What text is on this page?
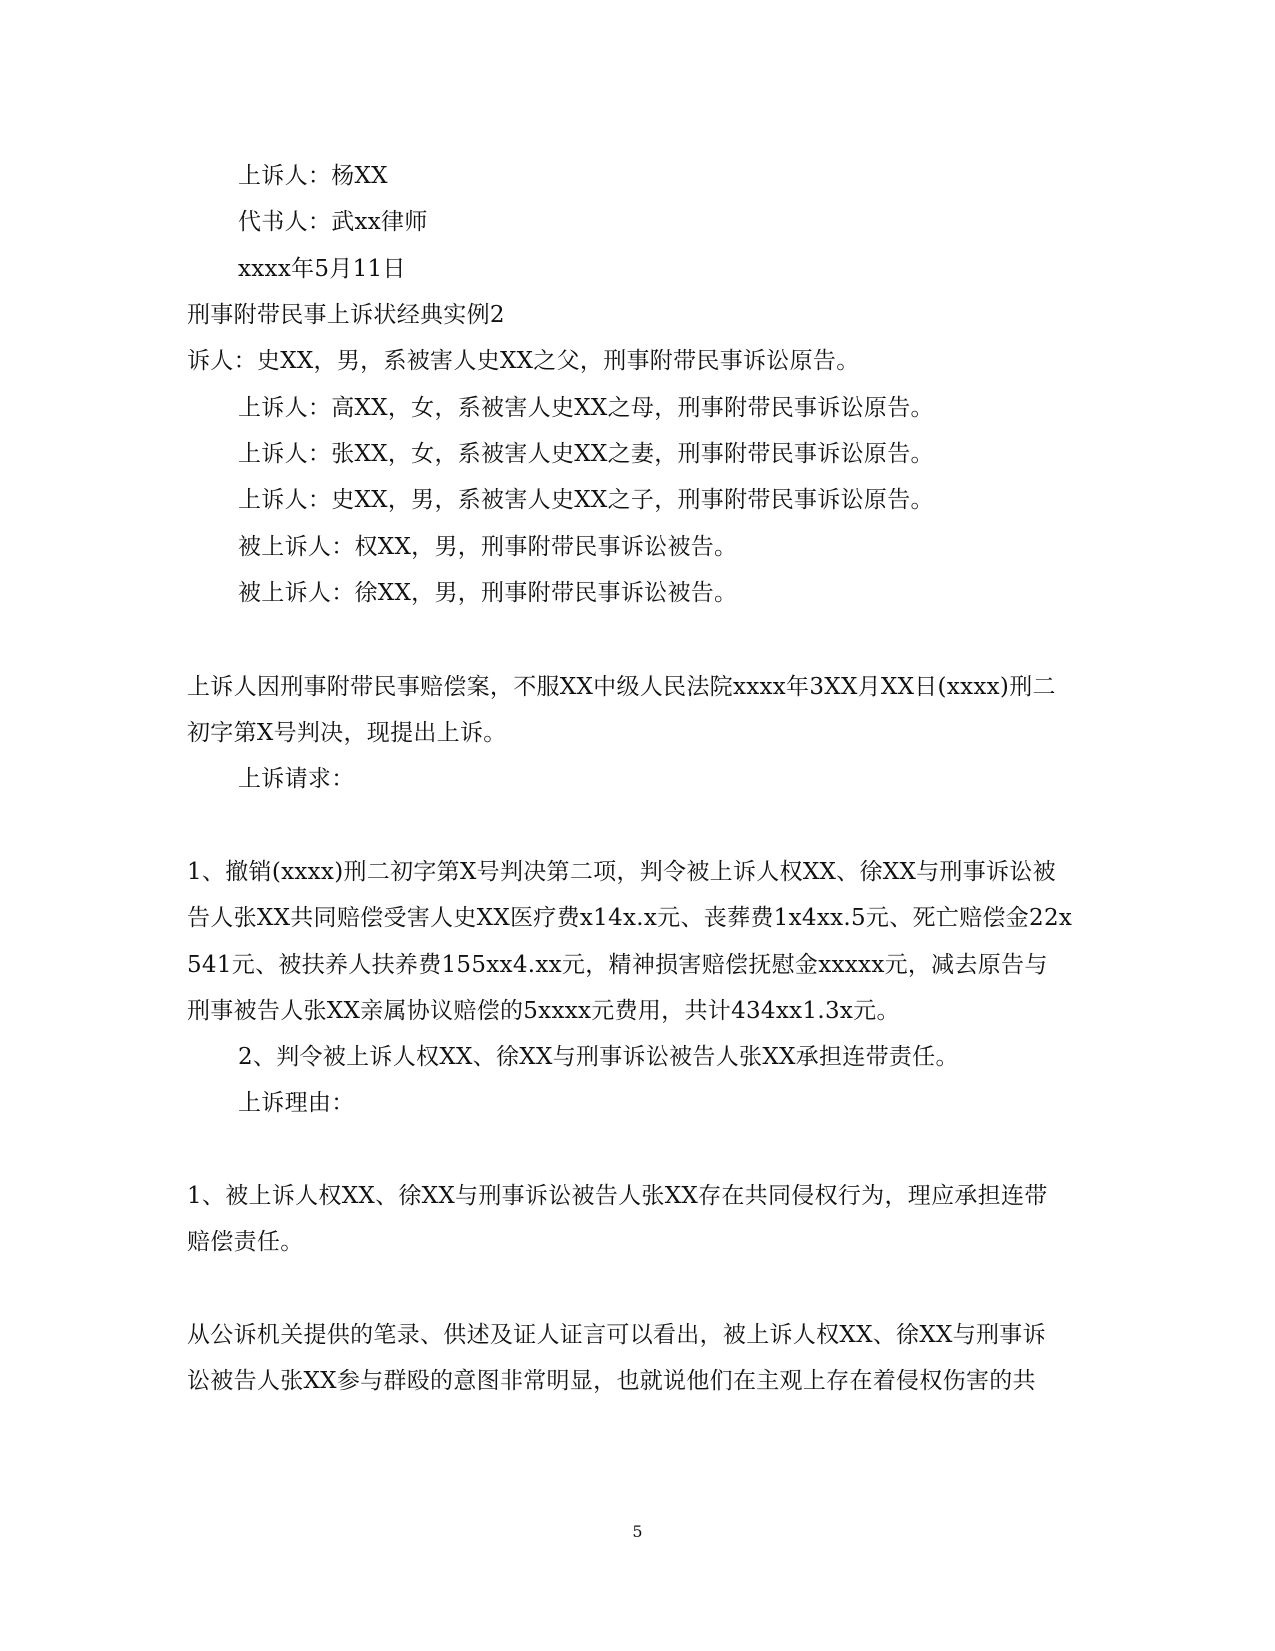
上诉人：杨XX
代书人：武xx律师
xxxx年5月11日
刑事附带民事上诉状经典实例2
诉人：史XX，男，系被害人史XX之父，刑事附带民事诉讼原告。
上诉人：高XX，女，系被害人史XX之母，刑事附带民事诉讼原告。
上诉人：张XX，女，系被害人史XX之妻，刑事附带民事诉讼原告。
上诉人：史XX，男，系被害人史XX之子，刑事附带民事诉讼原告。
被上诉人：权XX，男，刑事附带民事诉讼被告。
被上诉人：徐XX，男，刑事附带民事诉讼被告。
上诉人因刑事附带民事赔偿案，不服XX中级人民法院xxxx年3XX月XX日(xxxx)刑二
初字第X号判决，现提出上诉。
上诉请求：
1、撤销(xxxx)刑二初字第X号判决第二项，判令被上诉人权XX、徐XX与刑事诉讼被
告人张XX共同赔偿受害人史XX医疗费x14x.x元、丧葬费1x4xx.5元、死亡赔偿金22x
541元、被扶养人扶养费155xx4.xx元，精神损害赔偿抚慰金xxxxx元，减去原告与
刑事被告人张XX亲属协议赔偿的5xxxx元费用，共计434xx1.3x元。
2、判令被上诉人权XX、徐XX与刑事诉讼被告人张XX承担连带责任。
上诉理由：
1、被上诉人权XX、徐XX与刑事诉讼被告人张XX存在共同侵权行为，理应承担连带
赔偿责任。
从公诉机关提供的笔录、供述及证人证言可以看出，被上诉人权XX、徐XX与刑事诉
讼被告人张XX参与群殴的意图非常明显，也就说他们在主观上存在着侵权伤害的共
5
